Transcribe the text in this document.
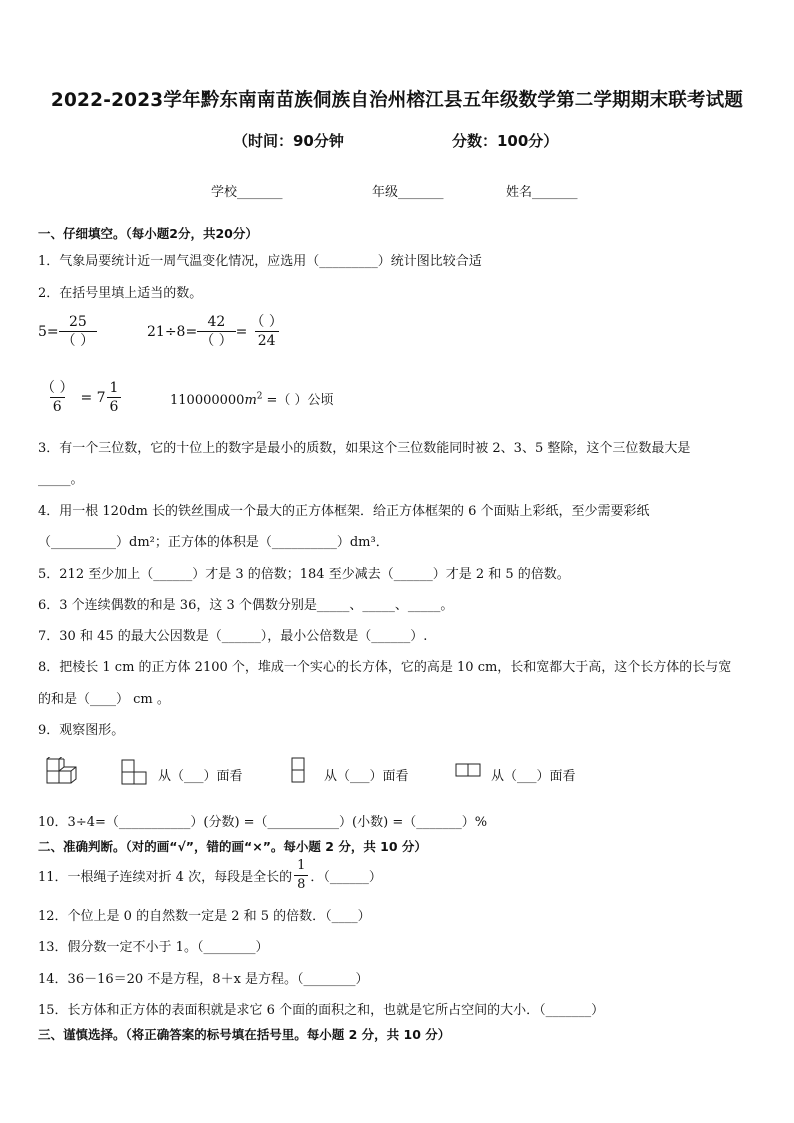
2022-2023学年黔东南南苗族侗族自治州榕江县五年级数学第二学期期末联考试题
（时间：90分钟	分数：100分）
学校_______	年级_______	姓名_______
一、仔细填空。（每小题2分，共20分）
1．气象局要统计近一周气温变化情况，应选用（_________）统计图比较合适
2．在括号里填上适当的数。
$5= \frac{25}{( )}$	$21\div 8= \frac{42}{( )} = \frac{( )}{24}$
$\frac{( )}{6} = 7 \frac{1}{6}$	$110000000m^2$ =（ ）公顷
3．有一个三位数，它的十位上的数字是最小的质数，如果这个三位数能同时被 2、3、5 整除，这个三位数最大是
_____。
4．用一根 120dm 长的铁丝围成一个最大的正方体框架．给正方体框架的 6 个面贴上彩纸，至少需要彩纸
（__________）dm²；正方体的体积是（__________）dm³．
5．212 至少加上（______）才是 3 的倍数；184 至少减去（______）才是 2 和 5 的倍数。
6．3 个连续偶数的和是 36，这 3 个偶数分别是_____、_____、_____。
7．30 和 45 的最大公因数是（______），最小公倍数是（______）.
8．把棱长 1 cm 的正方体 2100 个，堆成一个实心的长方体，它的高是 10 cm，长和宽都大于高，这个长方体的长与宽
的和是（____） cm 。
9．观察图形。
从（___）面看	从（___）面看	从（___）面看
10．3÷4=（___________）(分数) =（___________）(小数) =（_______）%
二、准确判断。（对的画“√”，错的画“×”。每小题 2 分，共 10 分）
11．一根绳子连续对折 4 次，每段是全长的 $\frac{1}{8}$ ．（______）
12．个位上是 0 的自然数一定是 2 和 5 的倍数．（____）
13．假分数一定不小于 1。（________）
14．36－16＝20 不是方程，8＋x 是方程。（________）
15．长方体和正方体的表面积就是求它 6 个面的面积之和，也就是它所占空间的大小．（_______）
三、谨慎选择。（将正确答案的标号填在括号里。每小题 2 分，共 10 分）
